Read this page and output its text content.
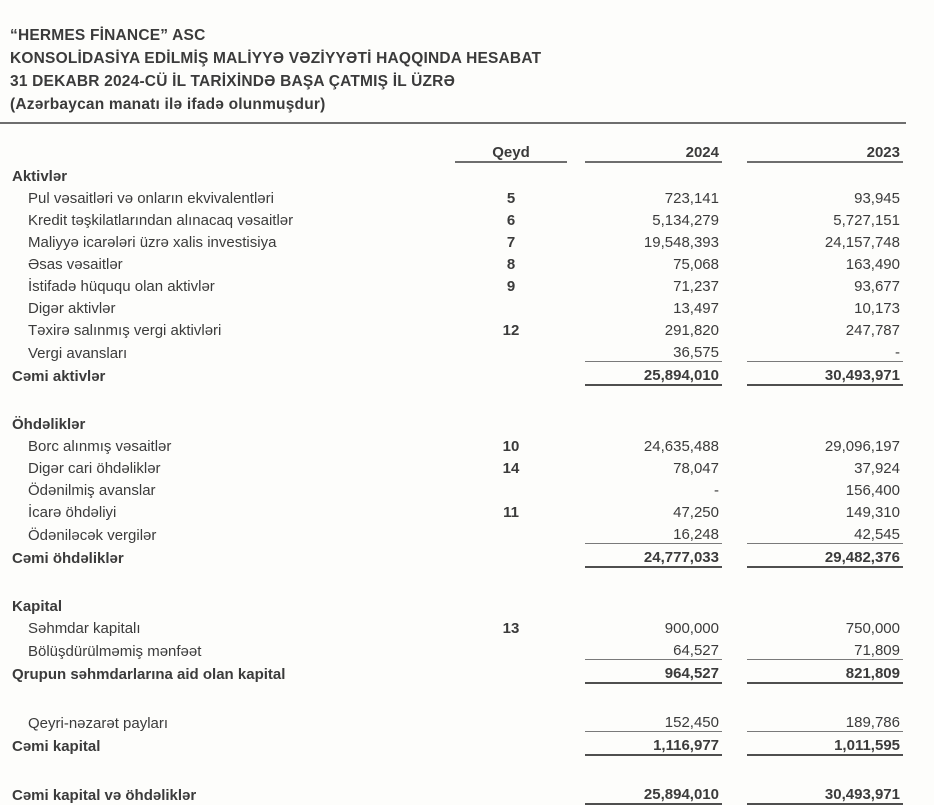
“HERMES FİNANCE” ASC
KONSOLİDASİYA EDİLMİŞ MALİYYƏ VƏZİYYƏTİ HAQQINDA HESABAT
31 DEKABR 2024-CÜ İL TARİXİNDƏ BAŞA ÇATMIŞ İL ÜZRƏ
(Azərbaycan manatı ilə ifadə olunmuşdur)
	Qeyd		2024		2023
Aktivlər					
Pul vəsaitləri və onların ekvivalentləri	5		723,141		93,945
Kredit təşkilatlarından alınacaq vəsaitlər	6		5,134,279		5,727,151
Maliyyə icarələri üzrə xalis investisiya	7		19,548,393		24,157,748
Əsas vəsaitlər	8		75,068		163,490
İstifadə hüququ olan aktivlər	9		71,237		93,677
Digər aktivlər			13,497		10,173
Təxirə salınmış vergi aktivləri	12		291,820		247,787
Vergi avansları			36,575		-
Cəmi aktivlər			25,894,010		30,493,971

Öhdəliklər					
Borc alınmış vəsaitlər	10		24,635,488		29,096,197
Digər cari öhdəliklər	14		78,047		37,924
Ödənilmiş avanslar			-		156,400
İcarə öhdəliyi	11		47,250		149,310
Ödəniləcək vergilər			16,248		42,545
Cəmi öhdəliklər			24,777,033		29,482,376

Kapital					
Səhmdar kapitalı	13		900,000		750,000
Bölüşdürülməmiş mənfəət			64,527		71,809
Qrupun səhmdarlarına aid olan kapital			964,527		821,809

Qeyri-nəzarət payları			152,450		189,786
Cəmi kapital			1,116,977		1,011,595

Cəmi kapital və öhdəliklər			25,894,010		30,493,971
